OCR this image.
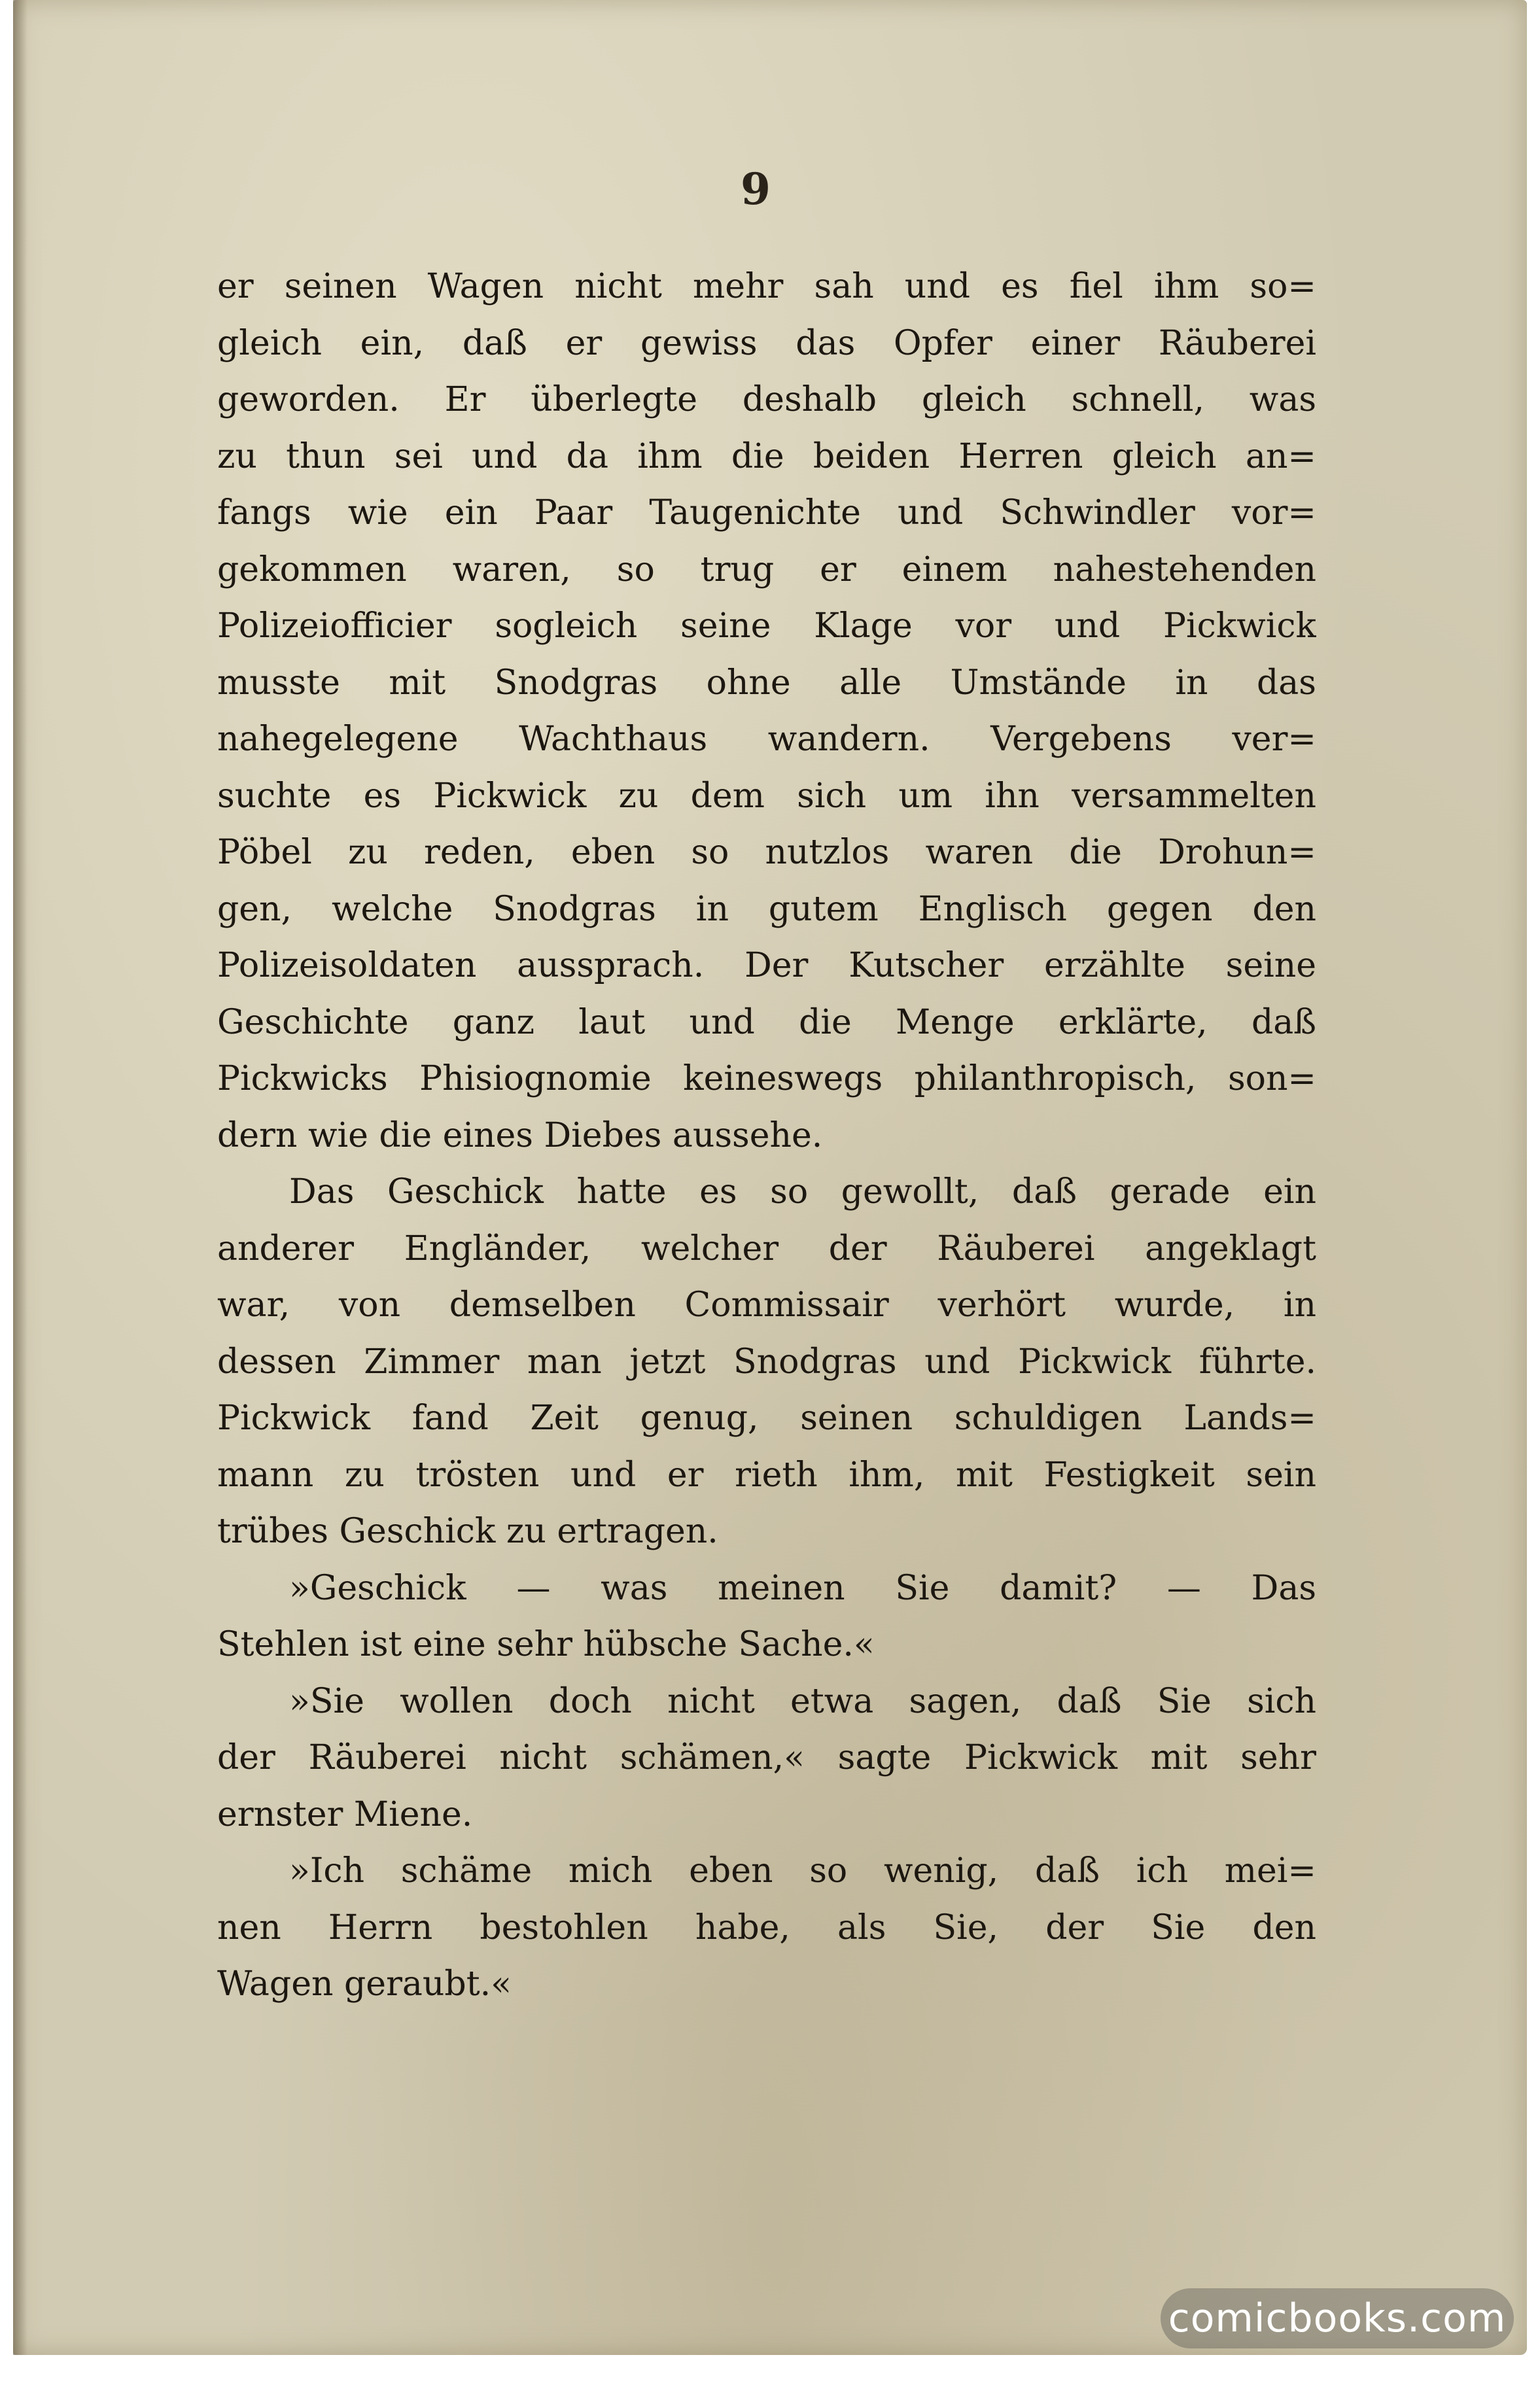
9
er seinen Wagen nicht mehr sah und es fiel ihm so=
gleich ein, daß er gewiss das Opfer einer Räuberei
geworden. Er überlegte deshalb gleich schnell, was
zu thun sei und da ihm die beiden Herren gleich an=
fangs wie ein Paar Taugenichte und Schwindler vor=
gekommen waren, so trug er einem nahestehenden
Polizeiofficier sogleich seine Klage vor und Pickwick
musste mit Snodgras ohne alle Umstände in das
nahegelegene Wachthaus wandern. Vergebens ver=
suchte es Pickwick zu dem sich um ihn versammelten
Pöbel zu reden, eben so nutzlos waren die Drohun=
gen, welche Snodgras in gutem Englisch gegen den
Polizeisoldaten aussprach. Der Kutscher erzählte seine
Geschichte ganz laut und die Menge erklärte, daß
Pickwicks Phisiognomie keineswegs philanthropisch, son=
dern wie die eines Diebes aussehe.
Das Geschick hatte es so gewollt, daß gerade ein
anderer Engländer, welcher der Räuberei angeklagt
war, von demselben Commissair verhört wurde, in
dessen Zimmer man jetzt Snodgras und Pickwick führte.
Pickwick fand Zeit genug, seinen schuldigen Lands=
mann zu trösten und er rieth ihm, mit Festigkeit sein
trübes Geschick zu ertragen.
»Geschick — was meinen Sie damit? — Das
Stehlen ist eine sehr hübsche Sache.«
»Sie wollen doch nicht etwa sagen, daß Sie sich
der Räuberei nicht schämen,« sagte Pickwick mit sehr
ernster Miene.
»Ich schäme mich eben so wenig, daß ich mei=
nen Herrn bestohlen habe, als Sie, der Sie den
Wagen geraubt.«
comicbooks.com
